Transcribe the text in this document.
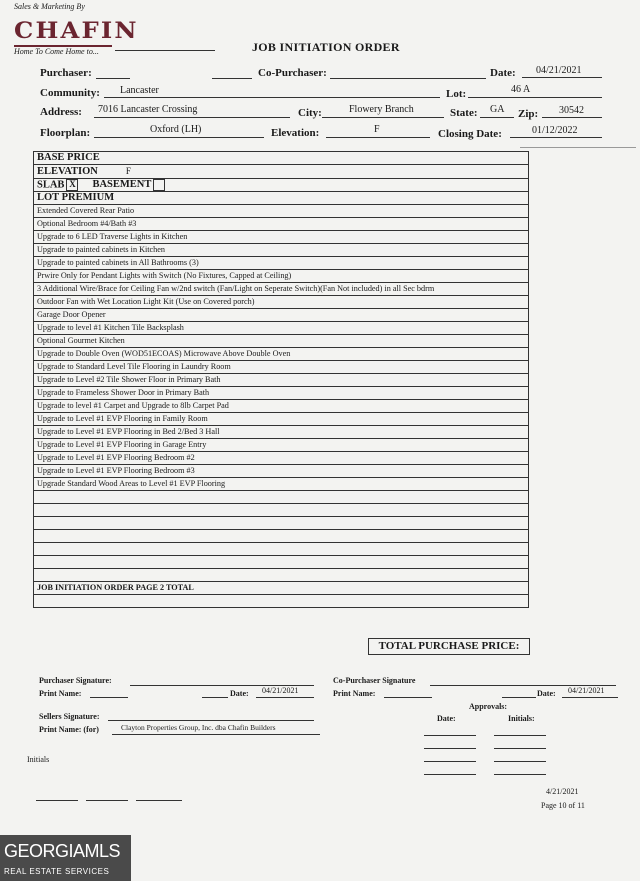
Sales & Marketing By
CHAFIN
Home To Come Home to...	JOB INITIATION ORDER
Purchaser:	Co-Purchaser:	Date: 04/21/2021
Community: Lancaster	Lot:	46 A
Address: 7016 Lancaster Crossing	City:	Flowery Branch	State: GA Zip: 30542
Floorplan:	Oxford (LH)	Elevation:	F	Closing Date:	01/12/2022
BASE PRICE
ELEVATION	F
SLAB X BASEMENT
LOT PREMIUM
Extended Covered Rear Patio
Optional Bedroom #4/Bath #3
Upgrade to 6 LED Traverse Lights in Kitchen
Upgrade to painted cabinets in Kitchen
Upgrade to painted cabinets in All Bathrooms (3)
Prwire Only for Pendant Lights with Switch (No Fixtures, Capped at Ceiling)
3 Additional Wire/Brace for Ceiling Fan w/2nd switch (Fan/Light on Seperate Switch)(Fan Not included) in all Sec bdrm
Outdoor Fan with Wet Location Light Kit (Use on Covered porch)
Garage Door Opener
Upgrade to level #1 Kitchen Tile Backsplash
Optional Gourmet Kitchen
Upgrade to Double Oven (WOD51ECOAS) Microwave Above Double Oven
Upgrade to Standard Level Tile Flooring in Laundry Room
Upgrade to Level #2 Tile Shower Floor in Primary Bath
Upgrade to Frameless Shower Door in Primary Bath
Upgrade to level #1 Carpet and Upgrade to 8lb Carpet Pad
Upgrade to Level #1 EVP Flooring in Family Room
Upgrade to Level #1 EVP Flooring in Bed 2/Bed 3 Hall
Upgrade to Level #1 EVP Flooring in Garage Entry
Upgrade to Level #1 EVP Flooring Bedroom #2
Upgrade to Level #1 EVP Flooring Bedroom #3
Upgrade Standard Wood Areas to Level #1 EVP Flooring

JOB INITIATION ORDER PAGE 2 TOTAL

TOTAL PURCHASE PRICE:
Purchaser Signature:
Print Name:	Date: 04/21/2021
Co-Purchaser Signature
Print Name:	Date: 04/21/2021
Approvals:
Sellers Signature:	Date:	Initials:
Print Name: (for)	Clayton Properties Group, Inc. dba Chafin Builders
Initials
4/21/2021
Page 10 of 11
GEORGIAMLS
REAL ESTATE SERVICES
